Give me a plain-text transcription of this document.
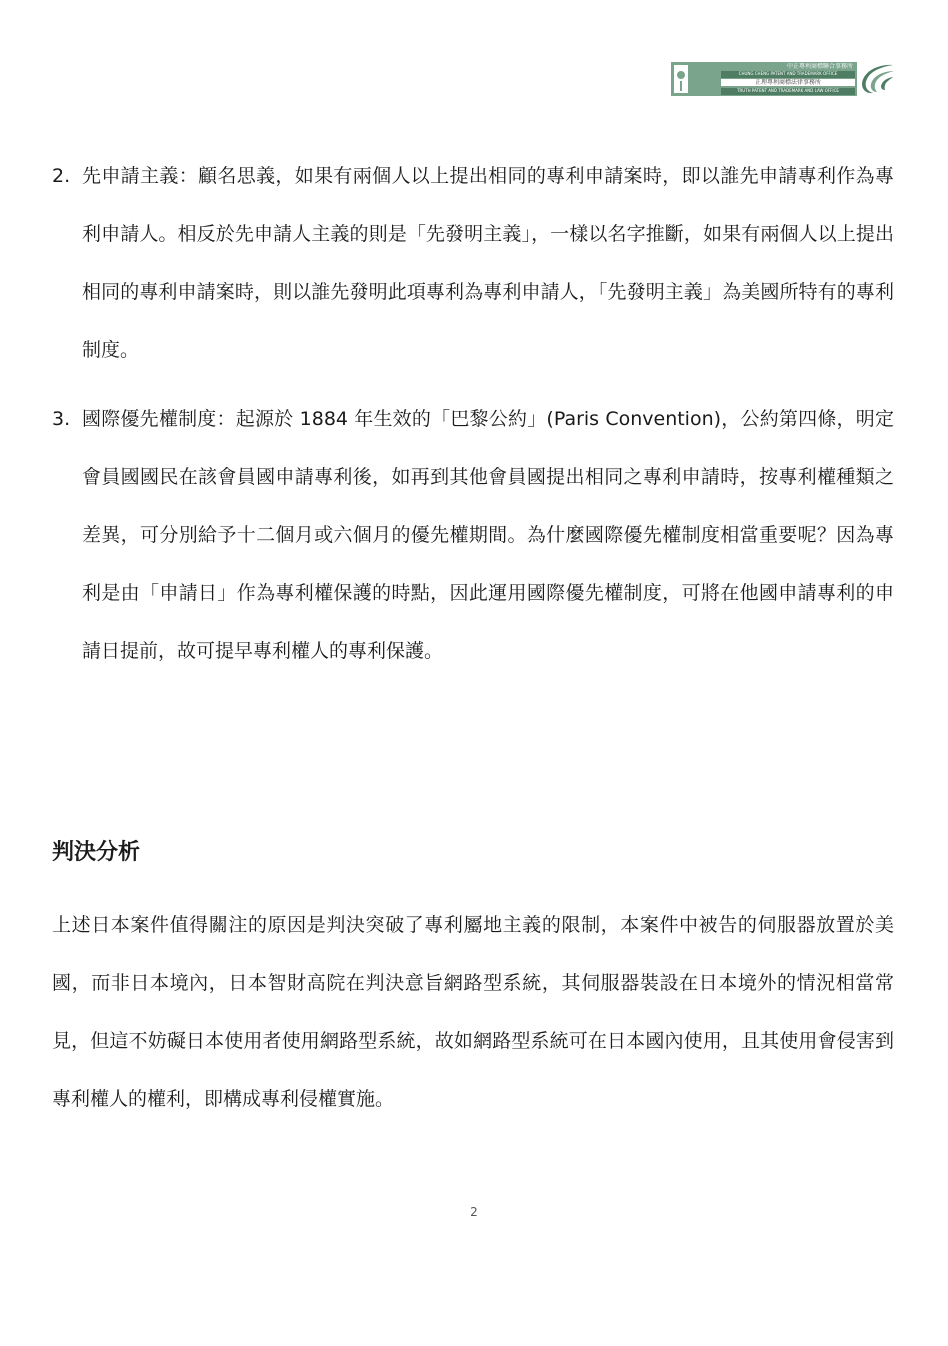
中正專利商標聯合事務所
CHUNG CHENG PATENT AND TRADEMARK OFFICE
正理專利商標法律事務所
TRUTH PATENT AND TRADEMARK AND LAW OFFICE
2. 先申請主義：顧名思義，如果有兩個人以上提出相同的專利申請案時，即以誰先申請專利作為專利申請人。相反於先申請人主義的則是「先發明主義」，一樣以名字推斷，如果有兩個人以上提出相同的專利申請案時，則以誰先發明此項專利為專利申請人，「先發明主義」為美國所特有的專利制度。
3. 國際優先權制度：起源於 1884 年生效的「巴黎公約」(Paris Convention)，公約第四條，明定會員國國民在該會員國申請專利後，如再到其他會員國提出相同之專利申請時，按專利權種類之差異，可分別給予十二個月或六個月的優先權期間。為什麼國際優先權制度相當重要呢？因為專利是由「申請日」作為專利權保護的時點，因此運用國際優先權制度，可將在他國申請專利的申請日提前，故可提早專利權人的專利保護。
判決分析

上述日本案件值得關注的原因是判決突破了專利屬地主義的限制，本案件中被告的伺服器放置於美國，而非日本境內，日本智財高院在判決意旨網路型系統，其伺服器裝設在日本境外的情況相當常見，但這不妨礙日本使用者使用網路型系統，故如網路型系統可在日本國內使用，且其使用會侵害到專利權人的權利，即構成專利侵權實施。

2
